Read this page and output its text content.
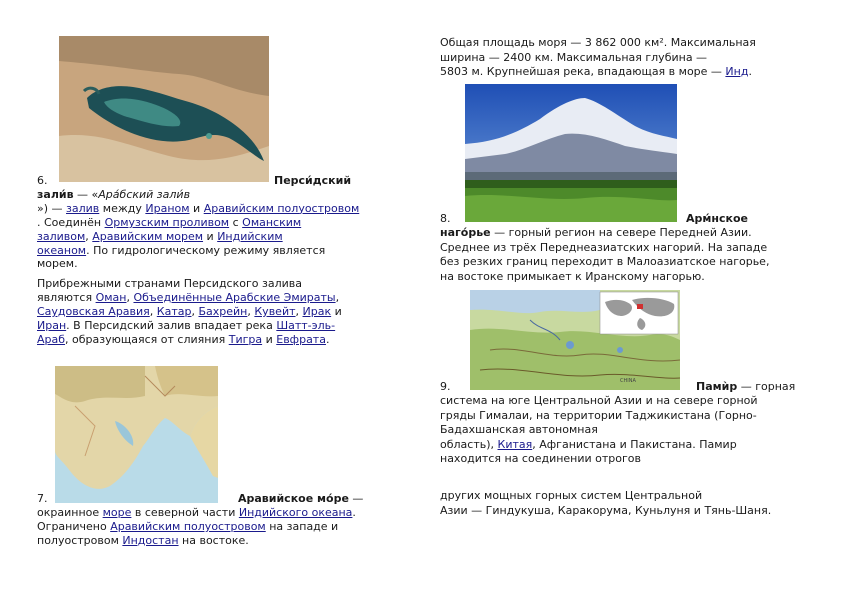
6.	Перси́дский
зали́в — «Ара́бский зали́в
») — залив между Ираном и Аравийским полуостровом
. Соединён Ормузским проливом с Оманским заливом, Аравийским морем и Индийским океаном. По гидрологическому режиму является морем.
Прибрежными странами Персидского залива являются Оман, Объединённые Арабские Эмираты, Саудовская Аравия, Катар, Бахрейн, Кувейт, Ирак и Иран. В Персидский залив впадает река Шатт-эль-Араб, образующаяся от слияния Тигра и Евфрата.
7.	Аравийское мо́ре —
окраинное море в северной части Индийского океана. Ограничено Аравийским полуостровом на западе и полуостровом Индостан на востоке.
Общая площадь моря — 3 862 000 км². Максимальная
ширина — 2400 км. Максимальная глубина —
5803 м. Крупнейшая река, впадающая в море — Инд.
8.	Арм́нское
наго́рье — горный регион на севере Передней Азии.
Среднее из трёх Переднеазиатских нагорий. На западе
без резких границ переходит в Малоазиатское нагорье,
на востоке примыкает к Иранскому нагорью.
CHINA
9.	Памѝр — горная
система на юге Центральной Азии и на севере горной
гряды Гималаи, на территории Таджикистана (Горно-
Бадахшанская автономная
область), Китая, Афганистана и Пакистана. Памир
находится на соединении отрогов
других мощных горных систем Центральной
Азии — Гиндукуша, Каракорума, Куньлуня и Тянь-Шаня.
